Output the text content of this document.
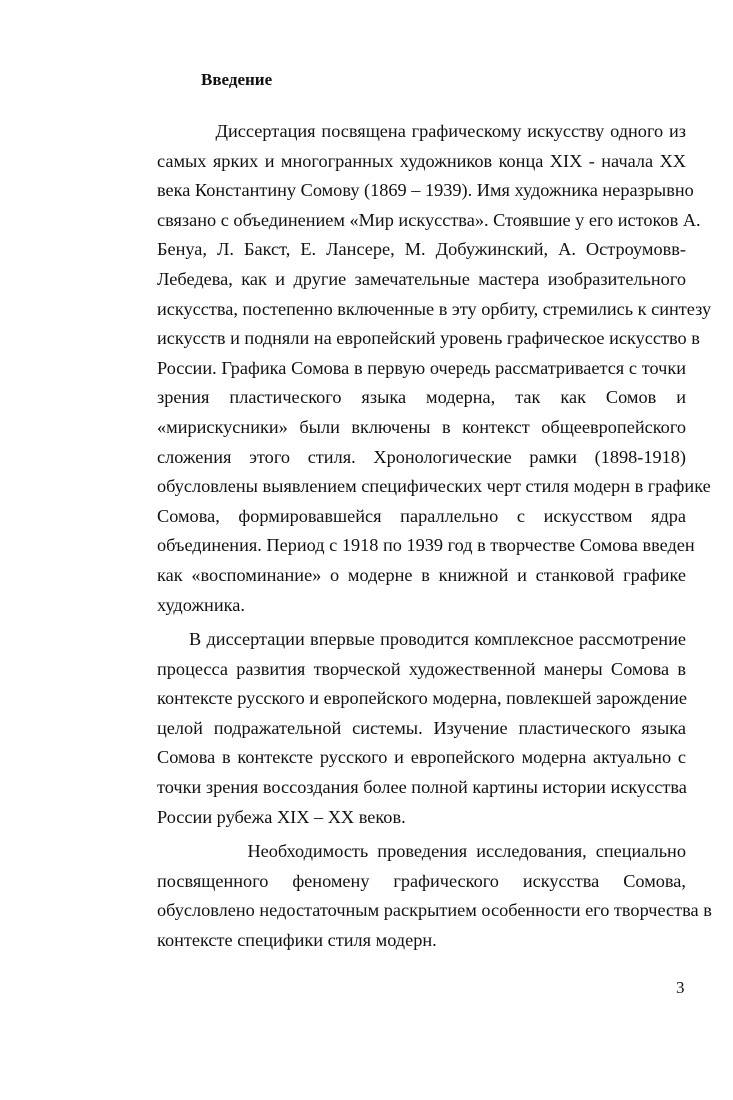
Введение
Диссертация посвящена графическому искусству одного из
самых ярких и многогранных художников конца XIX - начала XX
века Константину Сомову (1869 – 1939). Имя художника неразрывно
связано с объединением «Мир искусства». Стоявшие у его истоков А.
Бенуа, Л. Бакст, Е. Лансере, М. Добужинский, А. Остроумовв-
Лебедева, как и другие замечательные мастера изобразительного
искусства, постепенно включенные в эту орбиту, стремились к синтезу
искусств и подняли на европейский уровень графическое искусство в
России. Графика Сомова в первую очередь рассматривается с точки
зрения пластического языка модерна, так как Сомов и
«мирискусники» были включены в контекст общеевропейского
сложения этого стиля. Хронологические рамки (1898-1918)
обусловлены выявлением специфических черт стиля модерн в графике
Сомова, формировавшейся параллельно с искусством ядра
объединения. Период с 1918 по 1939 год в творчестве Сомова введен
как «воспоминание» о модерне в книжной и станковой графике
художника.
В диссертации впервые проводится комплексное рассмотрение
процесса развития творческой художественной манеры Сомова в
контексте русского и европейского модерна, повлекшей зарождение
целой подражательной системы. Изучение пластического языка
Сомова в контексте русского и европейского модерна актуально с
точки зрения воссоздания более полной картины истории искусства
России рубежа XIX – XX веков.
Необходимость проведения исследования, специально
посвященного феномену графического искусства Сомова,
обусловлено недостаточным раскрытием особенности его творчества в
контексте специфики стиля модерн.
3
